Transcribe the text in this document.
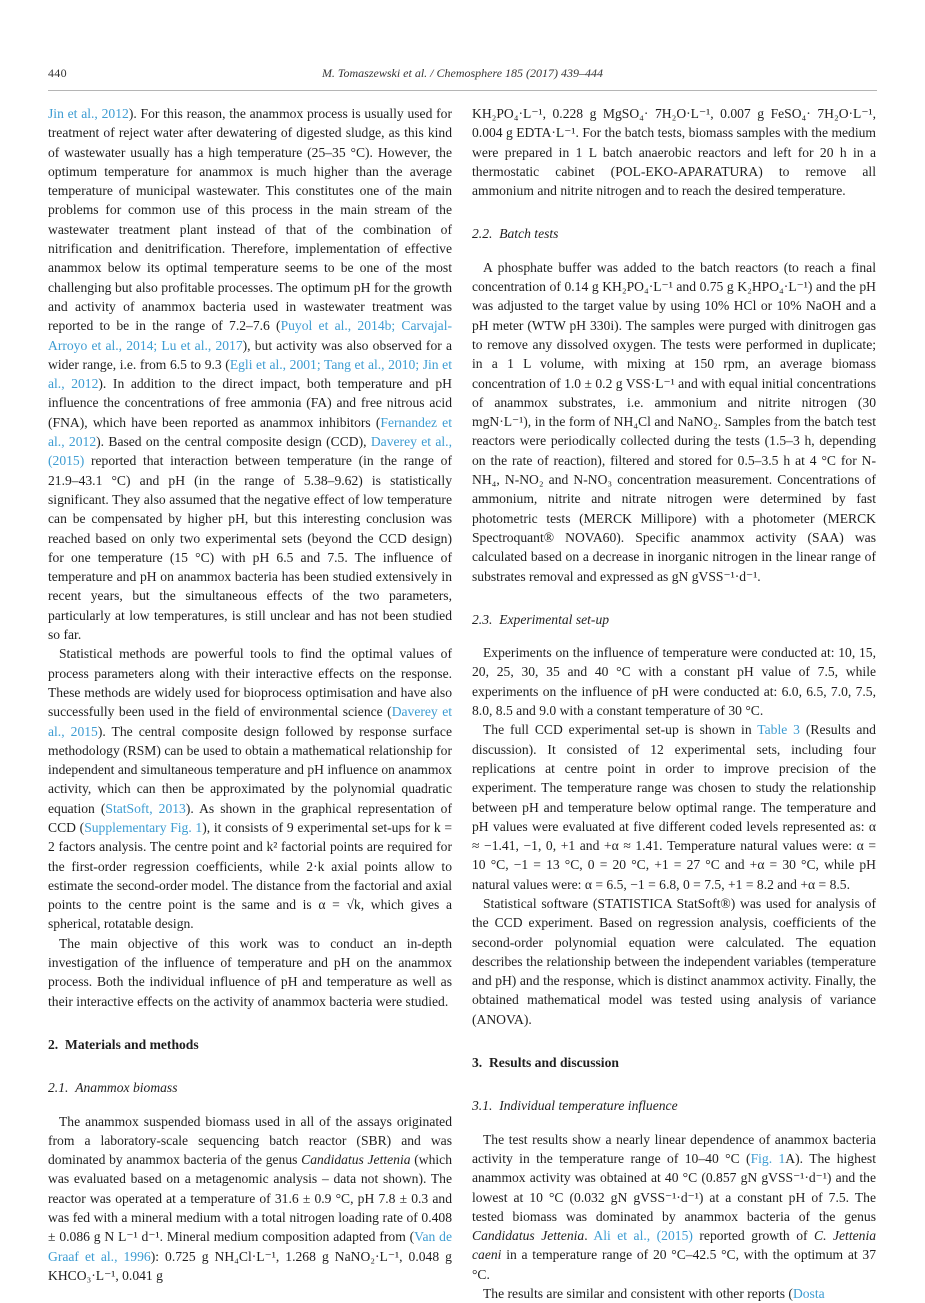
440	M. Tomaszewski et al. / Chemosphere 185 (2017) 439–444

Jin et al., 2012). For this reason, the anammox process is usually used for treatment of reject water after dewatering of digested sludge, as this kind of wastewater usually has a high temperature (25–35 °C). However, the optimum temperature for anammox is much higher than the average temperature of municipal wastewater. This constitutes one of the main problems for common use of this process in the main stream of the wastewater treatment plant instead of that of the combination of nitrification and denitrification. Therefore, implementation of effective anammox below its optimal temperature seems to be one of the most challenging but also profitable processes. The optimum pH for the growth and activity of anammox bacteria used in wastewater treatment was reported to be in the range of 7.2–7.6 (Puyol et al., 2014b; Carvajal-Arroyo et al., 2014; Lu et al., 2017), but activity was also observed for a wider range, i.e. from 6.5 to 9.3 (Egli et al., 2001; Tang et al., 2010; Jin et al., 2012). In addition to the direct impact, both temperature and pH influence the concentrations of free ammonia (FA) and free nitrous acid (FNA), which have been reported as anammox inhibitors (Fernandez et al., 2012). Based on the central composite design (CCD), Daverey et al., (2015) reported that interaction between temperature (in the range of 21.9–43.1 °C) and pH (in the range of 5.38–9.62) is statistically significant. They also assumed that the negative effect of low temperature can be compensated by higher pH, but this interesting conclusion was reached based on only two experimental sets (beyond the CCD design) for one temperature (15 °C) with pH 6.5 and 7.5. The influence of temperature and pH on anammox bacteria has been studied extensively in recent years, but the simultaneous effects of the two parameters, particularly at low temperatures, is still unclear and has not been studied so far.

Statistical methods are powerful tools to find the optimal values of process parameters along with their interactive effects on the response. These methods are widely used for bioprocess optimisation and have also successfully been used in the field of environmental science (Daverey et al., 2015). The central composite design followed by response surface methodology (RSM) can be used to obtain a mathematical relationship for independent and simultaneous temperature and pH influence on anammox activity, which can then be approximated by the polynomial quadratic equation (StatSoft, 2013). As shown in the graphical representation of CCD (Supplementary Fig. 1), it consists of 9 experimental set-ups for k = 2 factors analysis. The centre point and k² factorial points are required for the first-order regression coefficients, while 2·k axial points allow to estimate the second-order model. The distance from the factorial and axial points to the centre point is the same and is α = √k, which gives a spherical, rotatable design.

The main objective of this work was to conduct an in-depth investigation of the influence of temperature and pH on the anammox process. Both the individual influence of pH and temperature as well as their interactive effects on the activity of anammox bacteria were studied.

2.  Materials and methods
2.1.  Anammox biomass

The anammox suspended biomass used in all of the assays originated from a laboratory-scale sequencing batch reactor (SBR) and was dominated by anammox bacteria of the genus Candidatus Jettenia (which was evaluated based on a metagenomic analysis – data not shown). The reactor was operated at a temperature of 31.6 ± 0.9 °C, pH 7.8 ± 0.3 and was fed with a mineral medium with a total nitrogen loading rate of 0.408 ± 0.086 g N L⁻¹ d⁻¹. Mineral medium composition adapted from (Van de Graaf et al., 1996): 0.725 g NH₄Cl·L⁻¹, 1.268 g NaNO₂·L⁻¹, 0.048 g KHCO₃·L⁻¹, 0.041 g

KH₂PO₄·L⁻¹, 0.228 g MgSO₄· 7H₂O·L⁻¹, 0.007 g FeSO₄· 7H₂O·L⁻¹, 0.004 g EDTA·L⁻¹. For the batch tests, biomass samples with the medium were prepared in 1 L batch anaerobic reactors and left for 20 h in a thermostatic cabinet (POL-EKO-APARATURA) to remove all ammonium and nitrite nitrogen and to reach the desired temperature.

2.2.  Batch tests

A phosphate buffer was added to the batch reactors (to reach a final concentration of 0.14 g KH₂PO₄·L⁻¹ and 0.75 g K₂HPO₄·L⁻¹) and the pH was adjusted to the target value by using 10% HCl or 10% NaOH and a pH meter (WTW pH 330i). The samples were purged with dinitrogen gas to remove any dissolved oxygen. The tests were performed in duplicate; in a 1 L volume, with mixing at 150 rpm, an average biomass concentration of 1.0 ± 0.2 g VSS·L⁻¹ and with equal initial concentrations of anammox substrates, i.e. ammonium and nitrite nitrogen (30 mgN·L⁻¹), in the form of NH₄Cl and NaNO₂. Samples from the batch test reactors were periodically collected during the tests (1.5–3 h, depending on the rate of reaction), filtered and stored for 0.5–3.5 h at 4 °C for N-NH₄, N-NO₂ and N-NO₃ concentration measurement. Concentrations of ammonium, nitrite and nitrate nitrogen were determined by fast photometric tests (MERCK Millipore) with a photometer (MERCK Spectroquant® NOVA60). Specific anammox activity (SAA) was calculated based on a decrease in inorganic nitrogen in the linear range of substrates removal and expressed as gN gVSS⁻¹·d⁻¹.

2.3.  Experimental set-up

Experiments on the influence of temperature were conducted at: 10, 15, 20, 25, 30, 35 and 40 °C with a constant pH value of 7.5, while experiments on the influence of pH were conducted at: 6.0, 6.5, 7.0, 7.5, 8.0, 8.5 and 9.0 with a constant temperature of 30 °C.

The full CCD experimental set-up is shown in Table 3 (Results and discussion). It consisted of 12 experimental sets, including four replications at centre point in order to improve precision of the experiment. The temperature range was chosen to study the relationship between pH and temperature below optimal range. The temperature and pH values were evaluated at five different coded levels represented as: α ≈ −1.41, −1, 0, +1 and +α ≈ 1.41. Temperature natural values were: α = 10 °C, −1 = 13 °C, 0 = 20 °C, +1 = 27 °C and +α = 30 °C, while pH natural values were: α = 6.5, −1 = 6.8, 0 = 7.5, +1 = 8.2 and +α = 8.5.

Statistical software (STATISTICA StatSoft®) was used for analysis of the CCD experiment. Based on regression analysis, coefficients of the second-order polynomial equation were calculated. The equation describes the relationship between the independent variables (temperature and pH) and the response, which is distinct anammox activity. Finally, the obtained mathematical model was tested using analysis of variance (ANOVA).

3.  Results and discussion
3.1.  Individual temperature influence

The test results show a nearly linear dependence of anammox bacteria activity in the temperature range of 10–40 °C (Fig. 1A). The highest anammox activity was obtained at 40 °C (0.857 gN gVSS⁻¹·d⁻¹) and the lowest at 10 °C (0.032 gN gVSS⁻¹·d⁻¹) at a constant pH of 7.5. The tested biomass was dominated by anammox bacteria of the genus Candidatus Jettenia. Ali et al., (2015) reported growth of C. Jettenia caeni in a temperature range of 20 °C–42.5 °C, with the optimum at 37 °C.

The results are similar and consistent with other reports (Dosta
